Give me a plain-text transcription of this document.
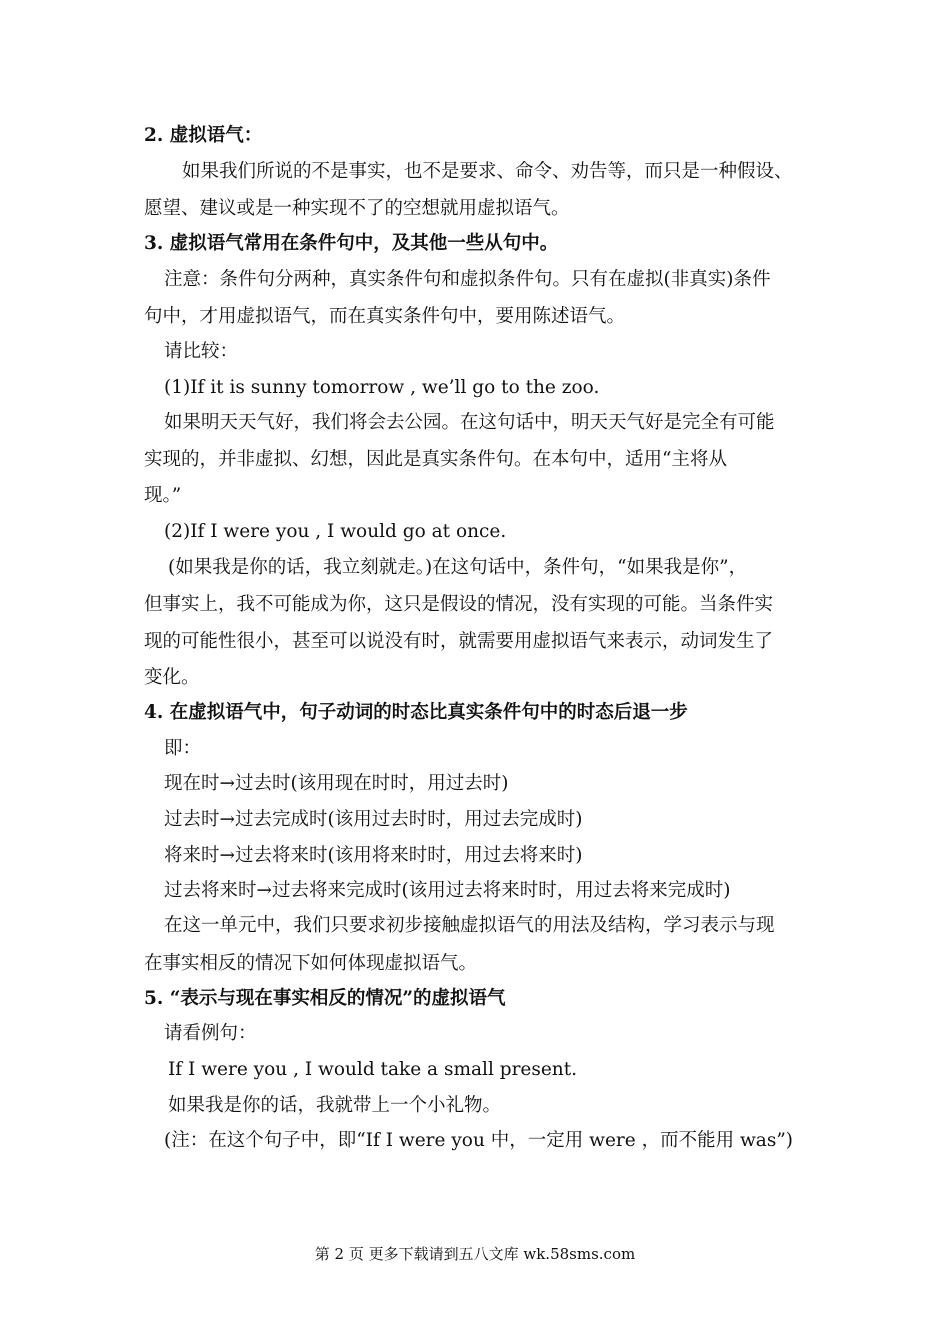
2. 虚拟语气：
如果我们所说的不是事实，也不是要求、命令、劝告等，而只是一种假设、
愿望、建议或是一种实现不了的空想就用虚拟语气。
3. 虚拟语气常用在条件句中，及其他一些从句中。
注意：条件句分两种，真实条件句和虚拟条件句。只有在虚拟(非真实)条件
句中，才用虚拟语气，而在真实条件句中，要用陈述语气。
请比较：
(1)If it is sunny tomorrow , we’ll go to the zoo.
如果明天天气好，我们将会去公园。在这句话中，明天天气好是完全有可能
实现的，并非虚拟、幻想，因此是真实条件句。在本句中，适用“主将从
现。”
(2)If I were you , I would go at once.
(如果我是你的话，我立刻就走。)在这句话中，条件句，“如果我是你”，
但事实上，我不可能成为你，这只是假设的情况，没有实现的可能。当条件实
现的可能性很小，甚至可以说没有时，就需要用虚拟语气来表示，动词发生了
变化。
4. 在虚拟语气中，句子动词的时态比真实条件句中的时态后退一步
即：
现在时→过去时(该用现在时时，用过去时)
过去时→过去完成时(该用过去时时，用过去完成时)
将来时→过去将来时(该用将来时时，用过去将来时)
过去将来时→过去将来完成时(该用过去将来时时，用过去将来完成时)
在这一单元中，我们只要求初步接触虚拟语气的用法及结构，学习表示与现
在事实相反的情况下如何体现虚拟语气。
5. “表示与现在事实相反的情况”的虚拟语气
请看例句：
If I were you , I would take a small present.
如果我是你的话，我就带上一个小礼物。
(注：在这个句子中，即“If I were you 中，一定用 were ，而不能用 was”)
第 2 页 更多下载请到五八文库 wk.58sms.com
